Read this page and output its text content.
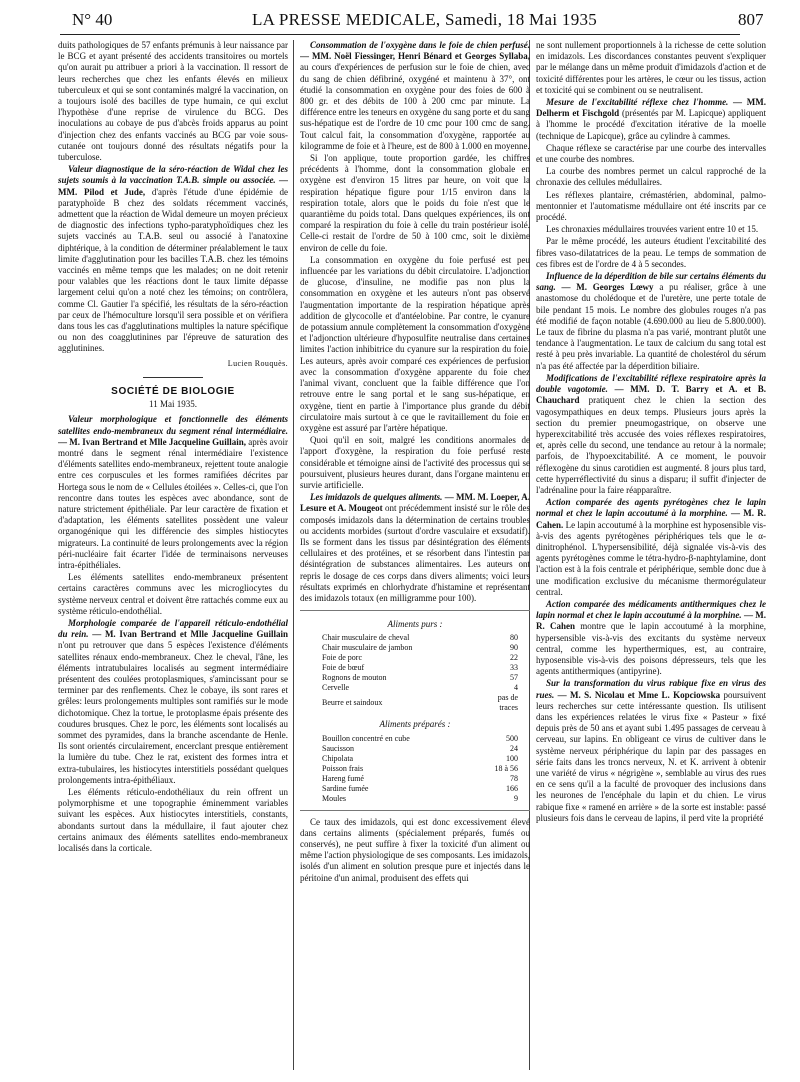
N° 40	LA PRESSE MEDICALE, Samedi, 18 Mai 1935	807

duits pathologiques de 57 enfants prémunis à leur naissance par le BCG et ayant présenté des accidents transitoires ou mortels qu'on aurait pu attribuer a priori à la vaccination. Il ressort de leurs recherches que chez les enfants élevés en milieux tuberculeux et qui se sont contaminés malgré la vaccination, on a toujours isolé des bacilles de type humain, ce qui exclut l'hypothèse d'une reprise de virulence du BCG. Des inoculations au cobaye de pus d'abcès froids apparus au point d'injection chez des enfants vaccinés au BCG par voie sous-cutanée ont toujours donné des résultats négatifs pour la tuberculose.

Valeur diagnostique de la séro-réaction de Widal chez les sujets soumis à la vaccination T.A.B. simple ou associée. — MM. Pilod et Jude, d'après l'étude d'une épidémie de paratyphoïde B chez des soldats récemment vaccinés, admettent que la réaction de Widal demeure un moyen précieux de diagnostic des infections typho-paratyphoïdiques chez les sujets vaccinés au T.A.B. seul ou associé à l'anatoxine diphtérique, à la condition de déterminer préalablement le taux limite d'agglutination pour les bacilles T.A.B. chez les témoins vaccinés en même temps que les malades; on ne doit retenir pour valables que les réactions dont le taux limite dépasse largement celui qu'on a noté chez les témoins; on contrôlera, comme Cl. Gautier l'a spécifié, les résultats de la séro-réaction par ceux de l'hémoculture lorsqu'il sera possible et on vérifiera dans tous les cas d'agglutinations multiples la nature spécifique ou non des coagglutinines par l'épreuve de saturation des agglutinines.

Lucien Rouquès.

SOCIÉTÉ DE BIOLOGIE

11 Mai 1935.

Valeur morphologique et fonctionnelle des éléments satellites endo-membraneux du segment rénal intermédiaire. — M. Ivan Bertrand et Mlle Jacqueline Guillain, après avoir montré dans le segment rénal intermédiaire l'existence d'éléments satellites endo-membraneux, rejettent toute analogie entre ces corpuscules et les formes ramifiées décrites par Hortega sous le nom de « Cellules étoilées ». Celles-ci, que l'on rencontre dans toutes les espèces avec abondance, sont de nature strictement épithéliale. Par leur caractère de fixation et d'adaptation, les éléments satellites possèdent une valeur organogénique qui les différencie des simples histiocytes migrateurs. La continuité de leurs prolongements avec la région péri-nucléaire fait écarter l'idée de terminaisons nerveuses intra-épithéliales.

Les éléments satellites endo-membraneux présentent certains caractères communs avec les microgliocytes du système nerveux central et doivent être rattachés comme eux au système réticulo-endothélial.

Morphologie comparée de l'appareil réticulo-endothélial du rein. — M. Ivan Bertrand et Mlle Jacqueline Guillain n'ont pu retrouver que dans 5 espèces l'existence d'éléments satellites rénaux endo-membraneux. Chez le cheval, l'âne, les éléments intratubulaires localisés au segment intermédiaire présentent des coulées protoplasmiques, s'amincissant pour se terminer par des renflements. Chez le cobaye, ils sont rares et grêles: leurs prolongements multiples sont ramifiés sur le mode dichotomique. Chez la tortue, le protoplasme épais présente des coudures brusques. Chez le porc, les éléments sont localisés au sommet des pyramides, dans la branche ascendante de Henle. Ils sont orientés circulairement, encerclant presque entièrement la lumière du tube. Chez le rat, existent des formes intra et extra-tubulaires, les histiocytes interstitiels possédant quelques prolongements intra-épithéliaux.

Les éléments réticulo-endothéliaux du rein offrent un polymorphisme et une topographie éminemment variables suivant les espèces. Aux histiocytes interstitiels, constants, abondants surtout dans la médullaire, il faut ajouter chez certains animaux des éléments satellites endo-membraneux localisés dans la corticale.

Consommation de l'oxygène dans le foie de chien perfusé. — MM. Noël Fiessinger, Henri Bénard et Georges Syllaba, au cours d'expériences de perfusion sur le foie de chien, avec du sang de chien défibriné, oxygéné et maintenu à 37°, ont étudié la consommation en oxygène pour des foies de 600 à 800 gr. et des débits de 100 à 200 cmc par minute. La différence entre les teneurs en oxygène du sang porte et du sang sus-hépatique est de l'ordre de 10 cmc pour 100 cmc de sang. Tout calcul fait, la consommation d'oxygène, rapportée au kilogramme de foie et à l'heure, est de 800 à 1.000 en moyenne.

Si l'on applique, toute proportion gardée, les chiffres précédents à l'homme, dont la consommation globale en oxygène est d'environ 15 litres par heure, on voit que la respiration hépatique figure pour 1/15 environ dans la respiration totale, alors que le poids du foie n'est que le quarantième du poids total. Dans quelques expériences, ils ont comparé la respiration du foie à celle du train postérieur isolé. Celle-ci restait de l'ordre de 50 à 100 cmc, soit le dixième environ de celle du foie.

La consommation en oxygène du foie perfusé est peu influencée par les variations du débit circulatoire. L'adjonction de glucose, d'insuline, ne modifie pas non plus la consommation en oxygène et les auteurs n'ont pas observé l'augmentation importante de la respiration hépatique après addition de glycocolle et d'antéelobine. Par contre, le cyanure de potassium annule complètement la consommation d'oxygène et l'adjonction ultérieure d'hyposulfite neutralise dans certaines limites l'action inhibitrice du cyanure sur la respiration du foie. Les auteurs, après avoir comparé ces expériences de perfusion avec la consommation d'oxygène apparente du foie chez l'animal vivant, concluent que la faible différence que l'on retrouve entre le sang portal et le sang sus-hépatique, en oxygène, tient en partie à l'importance plus grande du débit circulatoire mais surtout à ce que le ravitaillement du foie en oxygène est assuré par l'artère hépatique.

Quoi qu'il en soit, malgré les conditions anormales de l'apport d'oxygène, la respiration du foie perfusé reste considérable et témoigne ainsi de l'activité des processus qui se poursuivent, plusieurs heures durant, dans l'organe maintenu en survie artificielle.

Les imidazols de quelques aliments. — MM. M. Loeper, A. Lesure et A. Mougeot ont précédemment insisté sur le rôle des composés imidazols dans la détermination de certains troubles ou accidents morbides (surtout d'ordre vasculaire et exsudatif). Ils se forment dans les tissus par désintégration des éléments cellulaires et des protéines, et se résorbent dans l'intestin par désintégration de substances alimentaires. Les auteurs ont repris le dosage de ces corps dans divers aliments; voici leurs résultats exprimés en chlorhydrate d'histamine et représentant des imidazols totaux (en milligramme pour 100).

Aliments purs :

Chair musculaire de cheval	80
Chair musculaire de jambon	90
Foie de porc	22
Foie de bœuf	33
Rognons de mouton	57
Cervelle	4
Beurre et saindoux	pas de traces

Aliments préparés :

Bouillon concentré en cube	500
Saucisson	24
Chipolata	100
Poisson frais	18 à 56
Hareng fumé	78
Sardine fumée	166
Moules	9

Ce taux des imidazols, qui est donc excessivement élevé dans certains aliments (spécialement préparés, fumés ou conservés), ne peut suffire à fixer la toxicité d'un aliment ou même l'action physiologique de ses composants. Les imidazols, isolés d'un aliment en solution presque pure et injectés dans le péritoine d'un animal, produisent des effets qui

ne sont nullement proportionnels à la richesse de cette solution en imidazols. Les discordances constantes peuvent s'expliquer par le mélange dans un même produit d'imidazols d'action et de toxicité différentes pour les artères, le cœur ou les tissus, action et toxicité qui se combinent ou se neutralisent.

Mesure de l'excitabilité réflexe chez l'homme. — MM. Delherm et Fischgold (présentés par M. Lapicque) appliquent à l'homme le procédé d'excitation itérative de la moelle (technique de Lapicque), grâce au cylindre à cammes.

Chaque réflexe se caractérise par une courbe des intervalles et une courbe des nombres.

La courbe des nombres permet un calcul rapproché de la chronaxie des cellules médullaires.

Les réflexes plantaire, crémastérien, abdominal, palmo-mentonnier et l'automatisme médullaire ont été inscrits par ce procédé.

Les chronaxies médullaires trouvées varient entre 10 et 15.

Par le même procédé, les auteurs étudient l'excitabilité des fibres vaso-dilatatrices de la peau. Le temps de sommation de ces fibres est de l'ordre de 4 à 5 secondes.

Influence de la déperdition de bile sur certains éléments du sang. — M. Georges Lœwy a pu réaliser, grâce à une anastomose du cholédoque et de l'uretère, une perte totale de bile pendant 15 mois. Le nombre des globules rouges n'a pas été modifié de façon notable (4.690.000 au lieu de 5.800.000). Le taux de fibrine du plasma n'a pas varié, montrant plutôt une tendance à l'augmentation. Le taux de calcium du sang total est resté à peu près invariable. La quantité de cholestérol du sérum n'a pas été affectée par la déperdition biliaire.

Modifications de l'excitabilité réflexe respiratoire après la double vagotomie. — MM. D. T. Barry et A. et B. Chauchard pratiquent chez le chien la section des vagosympathiques en deux temps. Plusieurs jours après la section du premier pneumogastrique, on observe une hyperexcitabilité très accusée des voies réflexes respiratoires, et, après celle du second, une tendance au retour à la normale; parfois, de l'hypoexcitabilité. A ce moment, le pouvoir réflexogène du sinus carotidien est augmenté. 8 jours plus tard, cette hyperréflectivité du sinus a disparu; il suffit d'injecter de l'adrénaline pour la faire réapparaître.

Action comparée des agents pyrétogènes chez le lapin normal et chez le lapin accoutumé à la morphine. — M. R. Cahen. Le lapin accoutumé à la morphine est hyposensible vis-à-vis des agents pyrétogènes périphériques tels que le α-dinitrophénol. L'hypersensibilité, déjà signalée vis-à-vis des agents pyrétogènes comme le tétra-hydro-β-naphtylamine, dont l'action est à la fois centrale et périphérique, semble donc due à une modification exclusive du mécanisme thermorégulateur central.

Action comparée des médicaments antithermiques chez le lapin normal et chez le lapin accoutumé à la morphine. — M. R. Cahen montre que le lapin accoutumé à la morphine, hypersensible vis-à-vis des excitants du système nerveux central, comme les hyperthermiques, est, au contraire, hyposensible vis-à-vis des poisons dépresseurs, tels que les agents antithermiques (antipyrine).

Sur la transformation du virus rabique fixe en virus des rues. — M. S. Nicolau et Mme L. Kopciowska poursuivent leurs recherches sur cette intéressante question. Ils utilisent dans les expériences relatées le virus fixe « Pasteur » fixé depuis près de 50 ans et ayant subi 1.495 passages de cerveau à cerveau, sur lapins. En obligeant ce virus de cultiver dans le système nerveux périphérique du lapin par des passages en série faits dans les troncs nerveux, N. et K. arrivent à obtenir une variété de virus « négrigène », semblable au virus des rues en ce sens qu'il a la faculté de provoquer des inclusions dans les neurones de l'encéphale du lapin et du chien. Le virus rabique fixe « ramené en arrière » de la sorte est instable: passé plusieurs fois dans le cerveau de lapins, il perd vite la propriété
